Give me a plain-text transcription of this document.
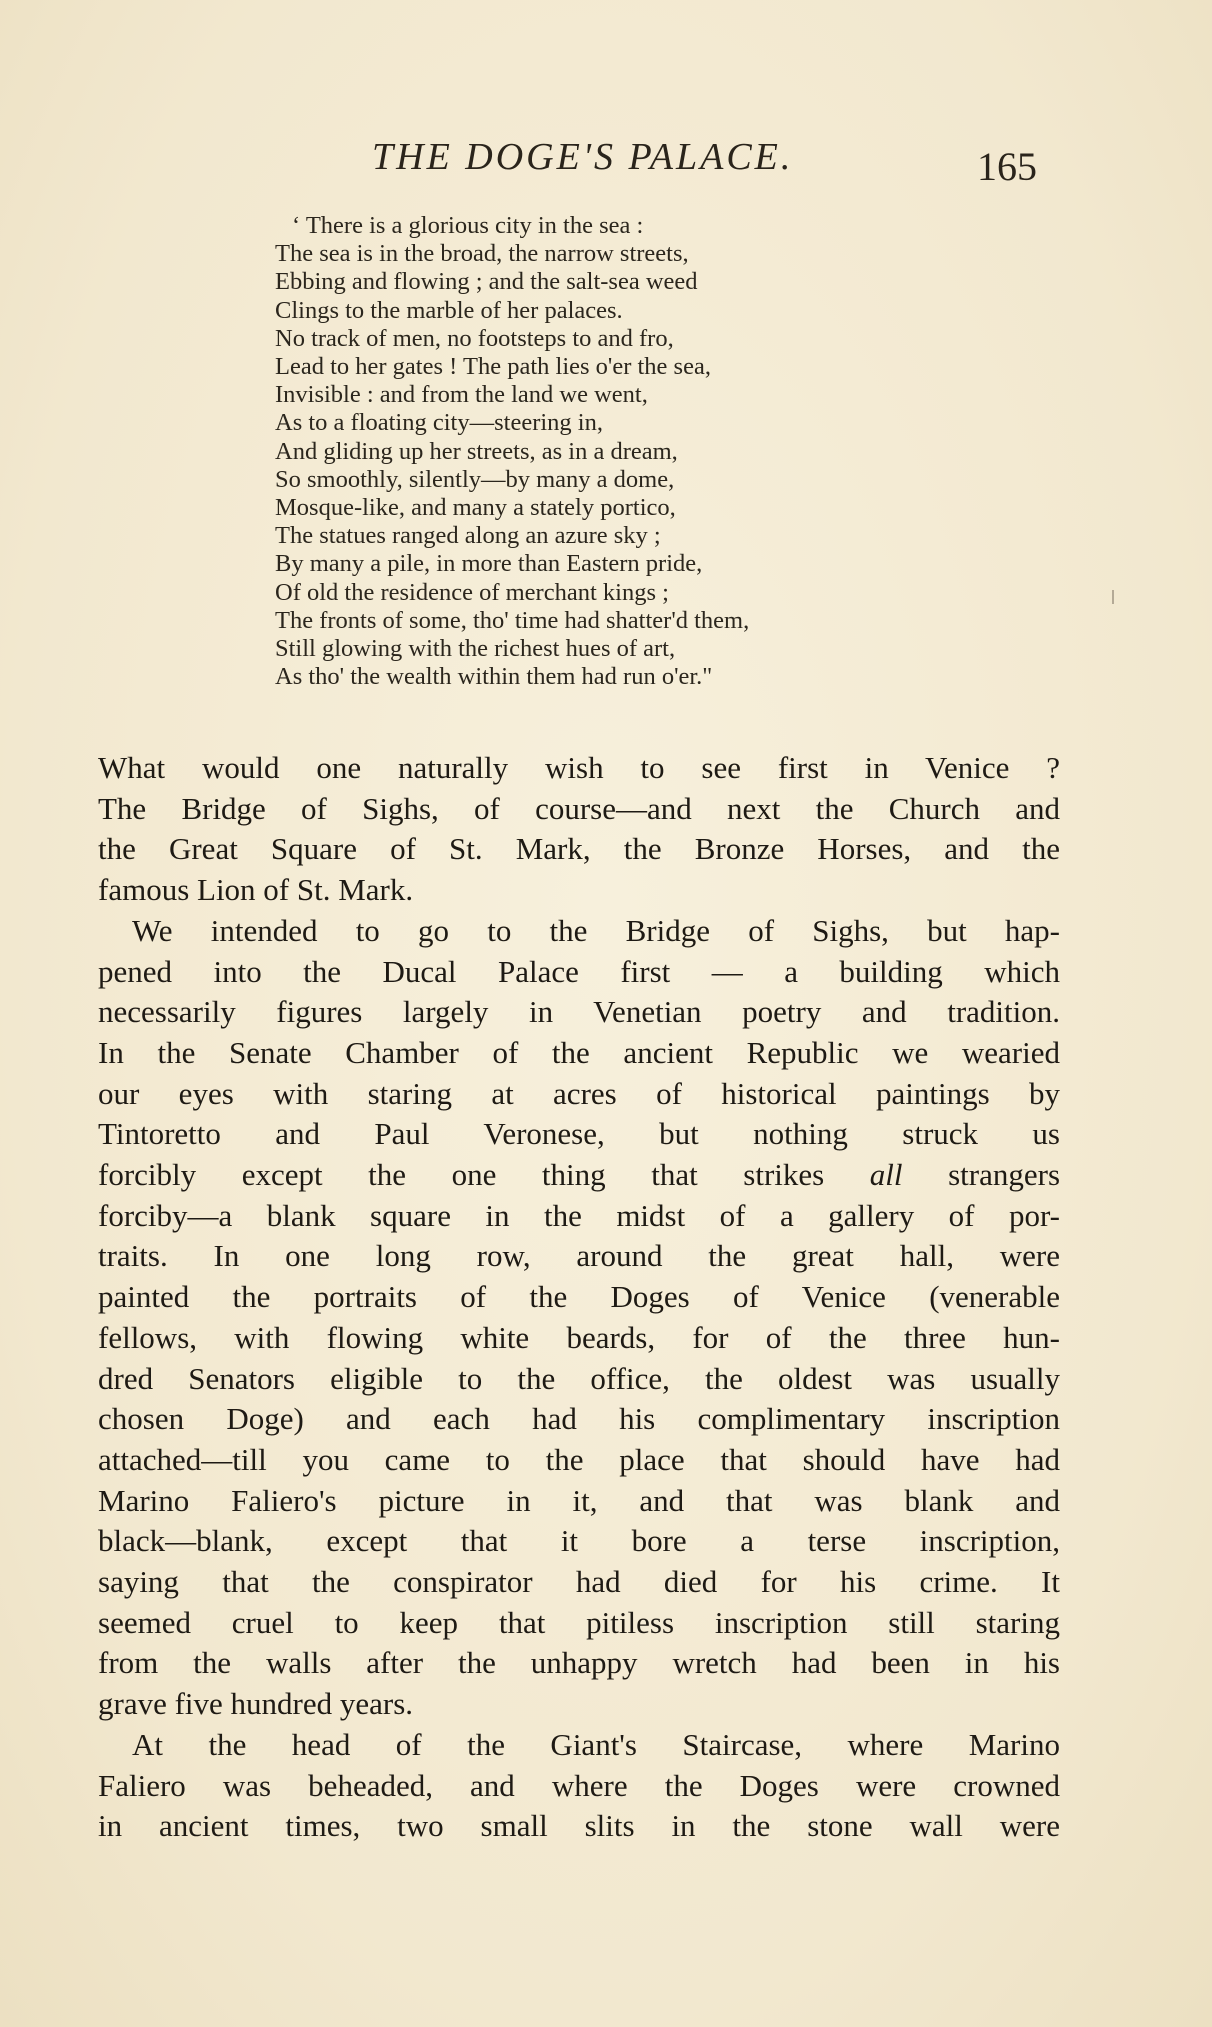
THE DOGE'S PALACE.	165
‘ There is a glorious city in the sea :
The sea is in the broad, the narrow streets,
Ebbing and flowing ; and the salt-sea weed
Clings to the marble of her palaces.
No track of men, no footsteps to and fro,
Lead to her gates ! The path lies o'er the sea,
Invisible : and from the land we went,
As to a floating city—steering in,
And gliding up her streets, as in a dream,
So smoothly, silently—by many a dome,
Mosque-like, and many a stately portico,
The statues ranged along an azure sky ;
By many a pile, in more than Eastern pride,
Of old the residence of merchant kings ;
The fronts of some, tho' time had shatter'd them,
Still glowing with the richest hues of art,
As tho' the wealth within them had run o'er."
What would one naturally wish to see first in Venice ?
The Bridge of Sighs, of course—and next the Church and
the Great Square of St. Mark, the Bronze Horses, and the
famous Lion of St. Mark.
We intended to go to the Bridge of Sighs, but hap-
pened into the Ducal Palace first — a building which
necessarily figures largely in Venetian poetry and tradition.
In the Senate Chamber of the ancient Republic we wearied
our eyes with staring at acres of historical paintings by
Tintoretto and Paul Veronese, but nothing struck us
forcibly except the one thing that strikes all strangers
forciby—a blank square in the midst of a gallery of por-
traits. In one long row, around the great hall, were
painted the portraits of the Doges of Venice (venerable
fellows, with flowing white beards, for of the three hun-
dred Senators eligible to the office, the oldest was usually
chosen Doge) and each had his complimentary inscription
attached—till you came to the place that should have had
Marino Faliero's picture in it, and that was blank and
black—blank, except that it bore a terse inscription,
saying that the conspirator had died for his crime. It
seemed cruel to keep that pitiless inscription still staring
from the walls after the unhappy wretch had been in his
grave five hundred years.
At the head of the Giant's Staircase, where Marino
Faliero was beheaded, and where the Doges were crowned
in ancient times, two small slits in the stone wall were
